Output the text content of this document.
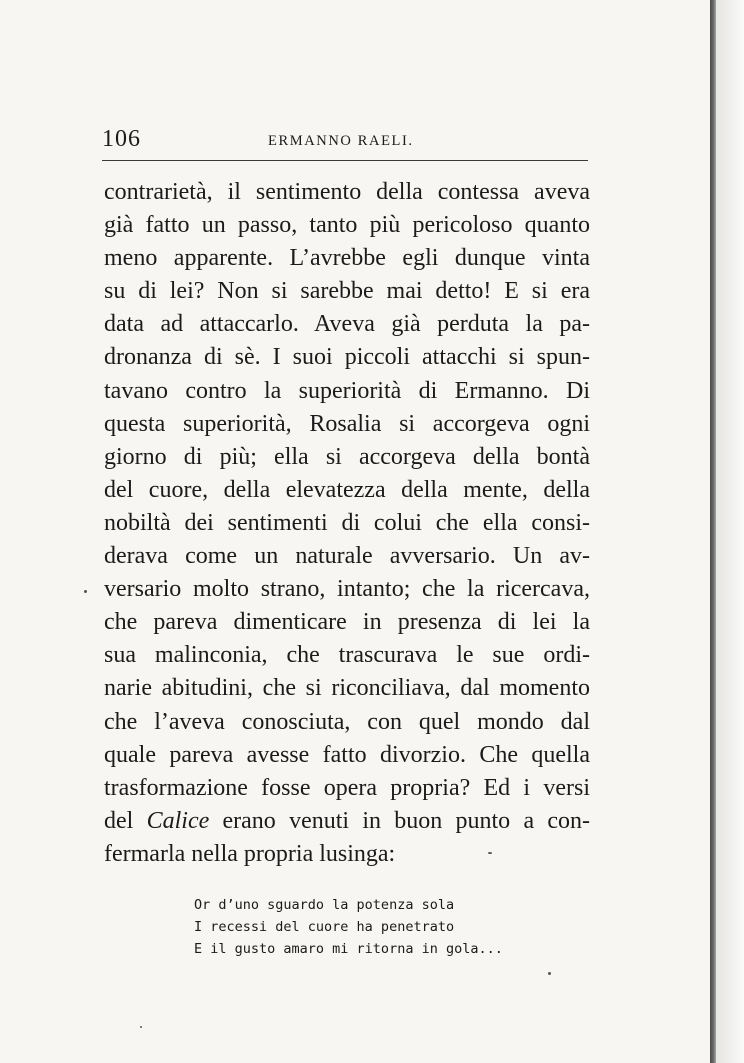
106	ERMANNO RAELI.
contrarietà, il sentimento della contessa aveva
già fatto un passo, tanto più pericoloso quanto
meno apparente. L’avrebbe egli dunque vinta
su di lei? Non si sarebbe mai detto! E si era
data ad attaccarlo. Aveva già perduta la pa-
dronanza di sè. I suoi piccoli attacchi si spun-
tavano contro la superiorità di Ermanno. Di
questa superiorità, Rosalia si accorgeva ogni
giorno di più; ella si accorgeva della bontà
del cuore, della elevatezza della mente, della
nobiltà dei sentimenti di colui che ella consi-
derava come un naturale avversario. Un av-
versario molto strano, intanto; che la ricercava,
che pareva dimenticare in presenza di lei la
sua malinconia, che trascurava le sue ordi-
narie abitudini, che si riconciliava, dal momento
che l’aveva conosciuta, con quel mondo dal
quale pareva avesse fatto divorzio. Che quella
trasformazione fosse opera propria? Ed i versi
del Calice erano venuti in buon punto a con-
fermarla nella propria lusinga:
Or d’uno sguardo la potenza sola
I recessi del cuore ha penetrato
E il gusto amaro mi ritorna in gola...
